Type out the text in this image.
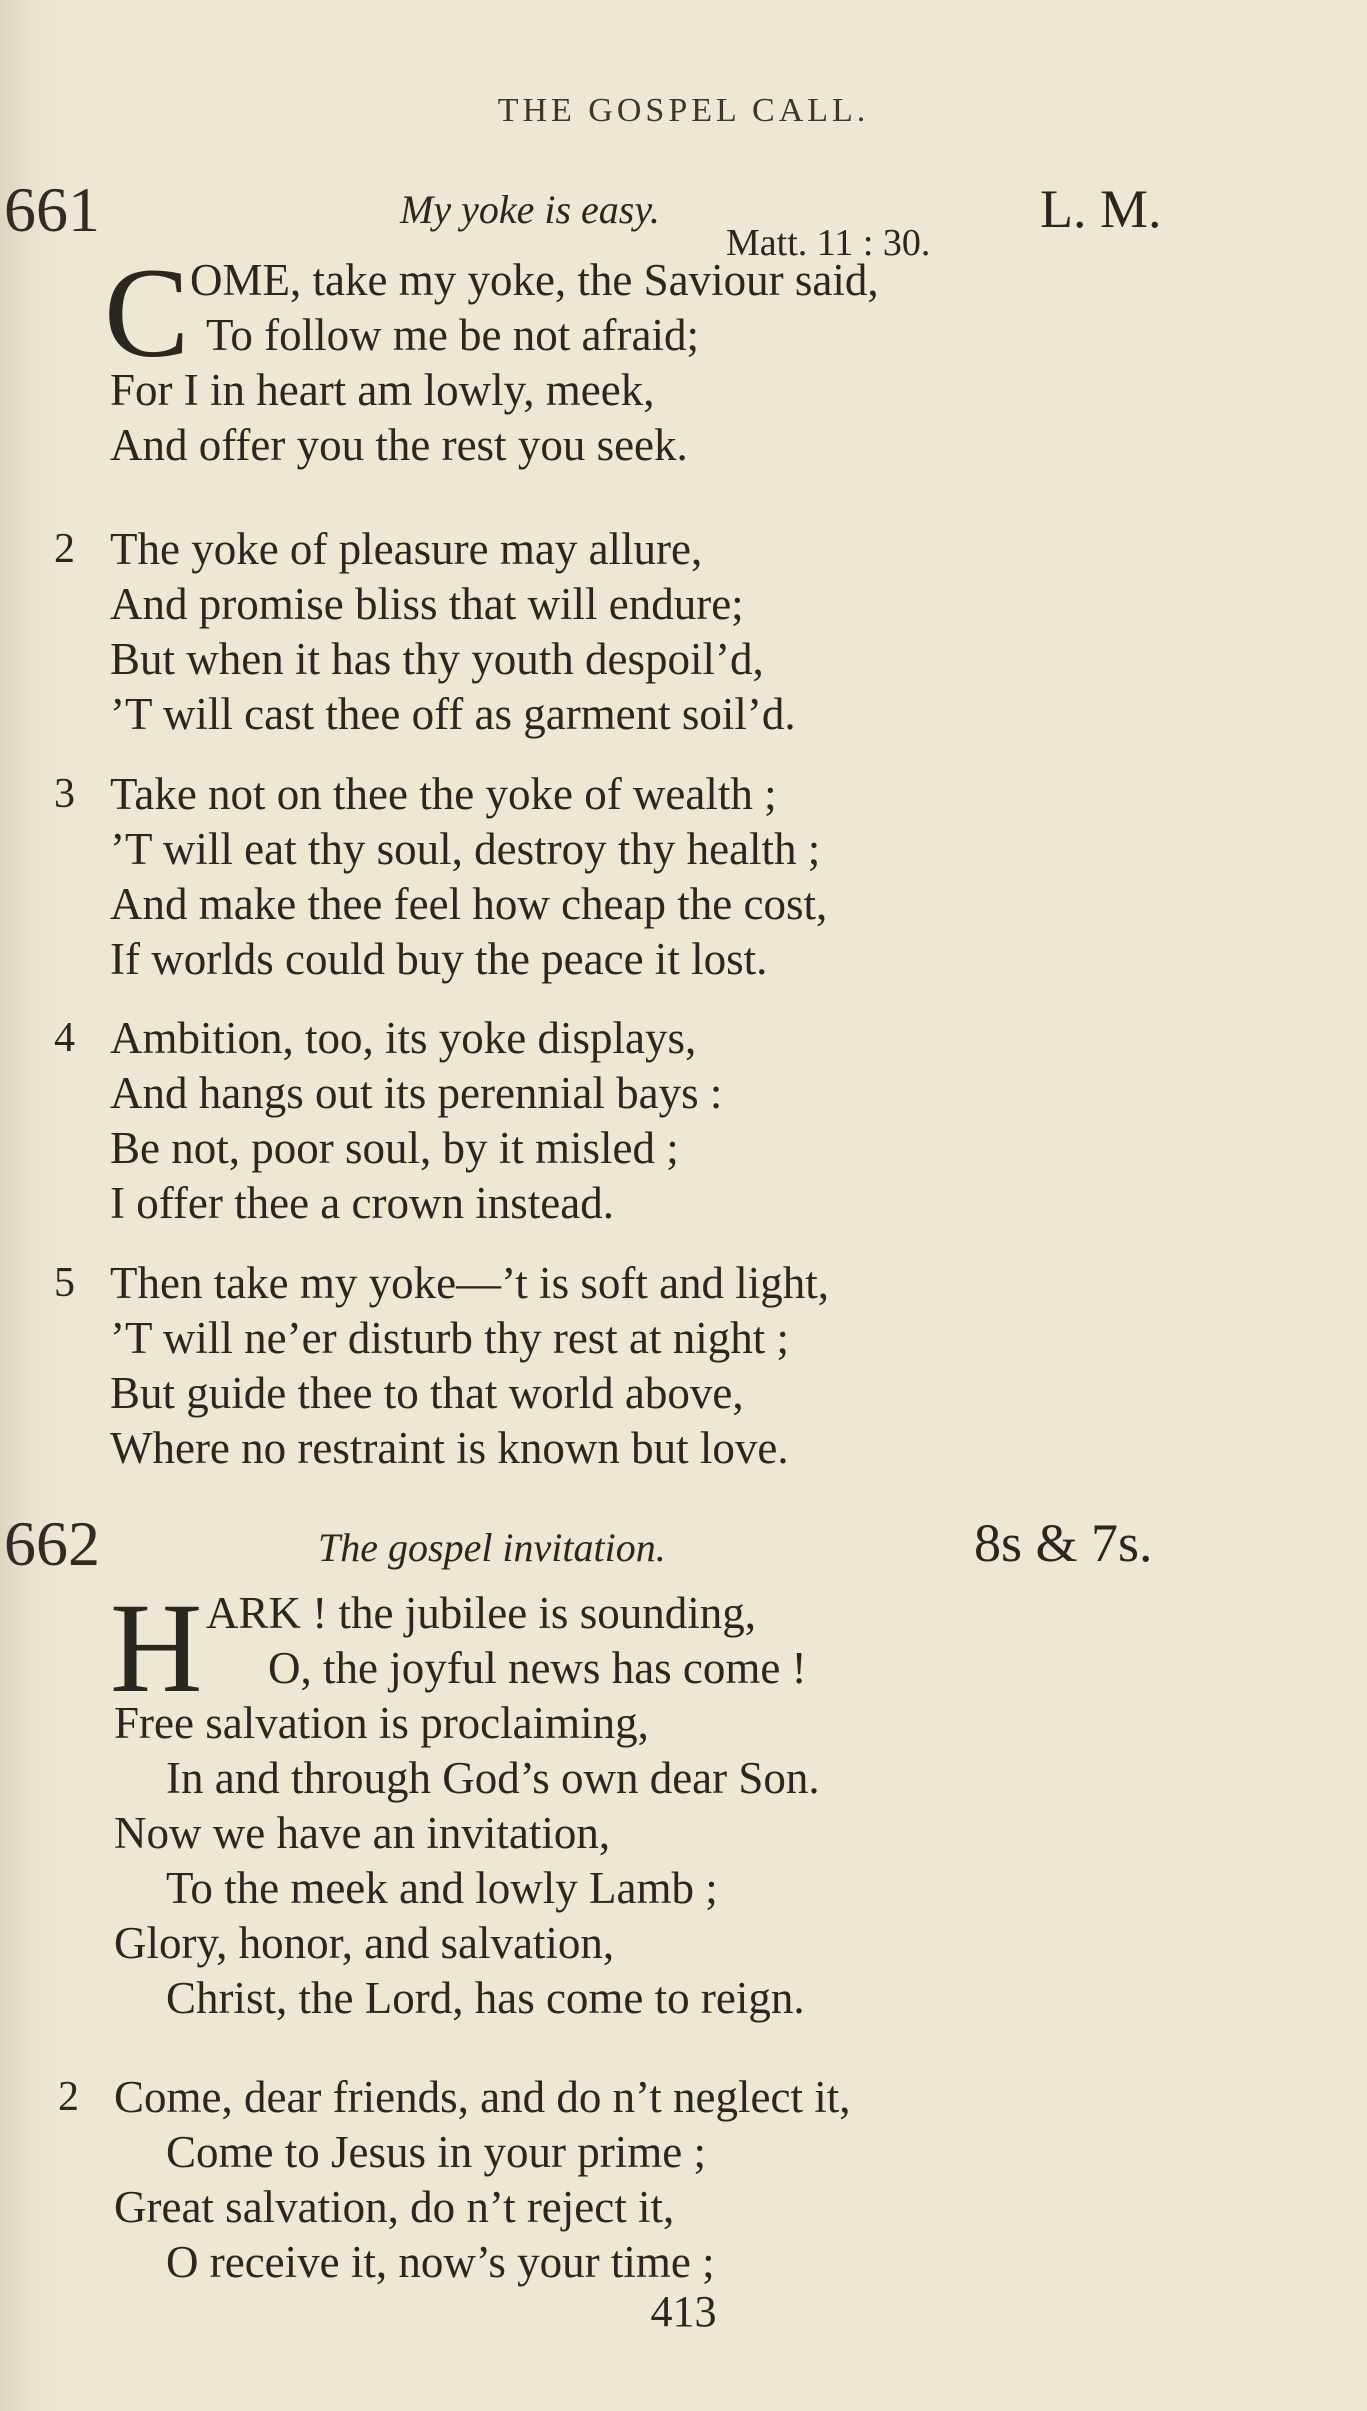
THE GOSPEL CALL.
661	My yoke is easy.
Matt. 11 : 30.
L. M.
C OME, take my yoke, the Saviour said,
To follow me be not afraid;
For I in heart am lowly, meek,
And offer you the rest you seek.
2 The yoke of pleasure may allure,
And promise bliss that will endure;
But when it has thy youth despoil’d,
’T will cast thee off as garment soil’d.
3 Take not on thee the yoke of wealth ;
’T will eat thy soul, destroy thy health ;
And make thee feel how cheap the cost,
If worlds could buy the peace it lost.
4 Ambition, too, its yoke displays,
And hangs out its perennial bays :
Be not, poor soul, by it misled ;
I offer thee a crown instead.
5 Then take my yoke—’t is soft and light,
’T will ne’er disturb thy rest at night ;
But guide thee to that world above,
Where no restraint is known but love.
662	The gospel invitation.	8s & 7s.
H ARK ! the jubilee is sounding,
O, the joyful news has come !
Free salvation is proclaiming,
In and through God’s own dear Son.
Now we have an invitation,
To the meek and lowly Lamb ;
Glory, honor, and salvation,
Christ, the Lord, has come to reign.
2 Come, dear friends, and do n’t neglect it,
Come to Jesus in your prime ;
Great salvation, do n’t reject it,
O receive it, now’s your time ;
413
